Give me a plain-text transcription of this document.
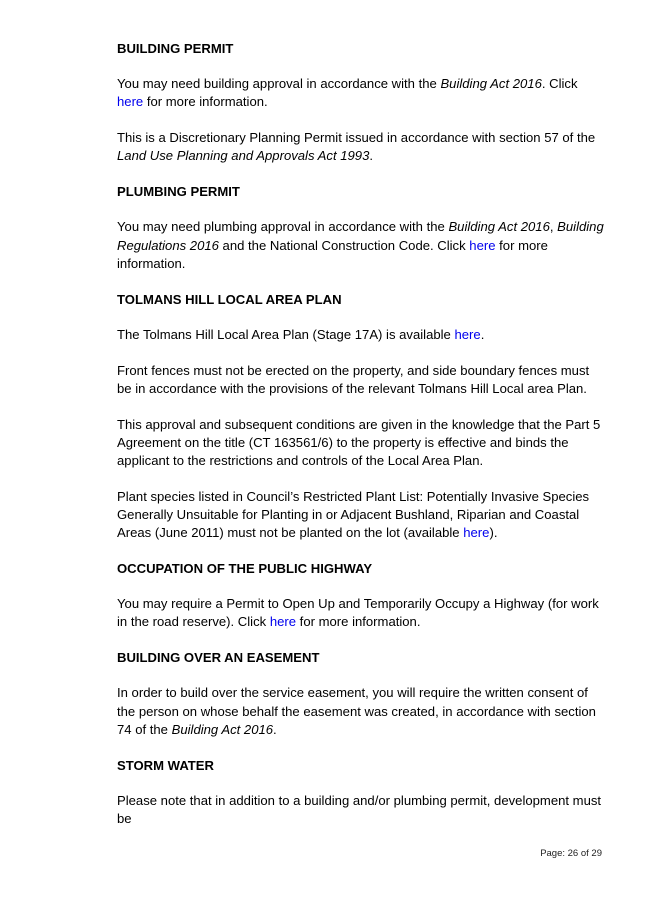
BUILDING PERMIT

You may need building approval in accordance with the Building Act 2016. Click here for more information.

This is a Discretionary Planning Permit issued in accordance with section 57 of the Land Use Planning and Approvals Act 1993.

PLUMBING PERMIT

You may need plumbing approval in accordance with the Building Act 2016, Building Regulations 2016 and the National Construction Code. Click here for more information.

TOLMANS HILL LOCAL AREA PLAN

The Tolmans Hill Local Area Plan (Stage 17A) is available here.

Front fences must not be erected on the property, and side boundary fences must be in accordance with the provisions of the relevant Tolmans Hill Local area Plan.

This approval and subsequent conditions are given in the knowledge that the Part 5 Agreement on the title (CT 163561/6) to the property is effective and binds the applicant to the restrictions and controls of the Local Area Plan.

Plant species listed in Council’s Restricted Plant List: Potentially Invasive Species Generally Unsuitable for Planting in or Adjacent Bushland, Riparian and Coastal Areas (June 2011) must not be planted on the lot (available here).

OCCUPATION OF THE PUBLIC HIGHWAY

You may require a Permit to Open Up and Temporarily Occupy a Highway (for work in the road reserve). Click here for more information.

BUILDING OVER AN EASEMENT

In order to build over the service easement, you will require the written consent of the person on whose behalf the easement was created, in accordance with section 74 of the Building Act 2016.

STORM WATER

Please note that in addition to a building and/or plumbing permit, development must be

Page: 26 of 29
